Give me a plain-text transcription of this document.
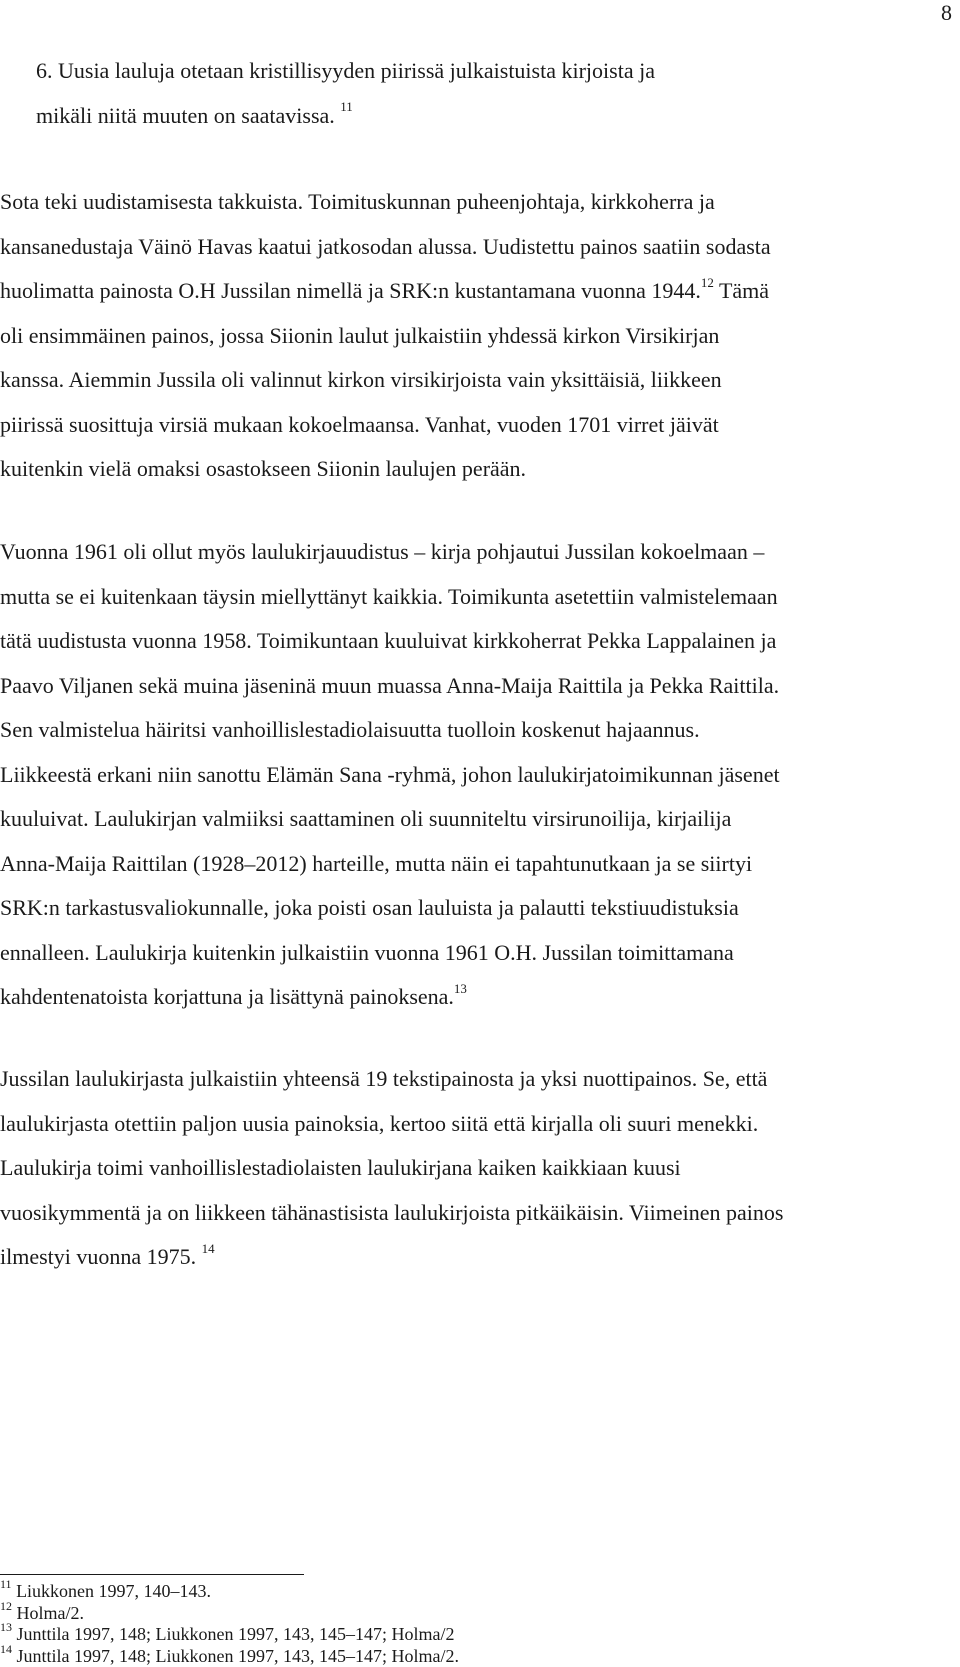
8
6. Uusia lauluja otetaan kristillisyyden piirissä julkaistuista kirjoista ja
mikäli niitä muuten on saatavissa. $^{11}$
Sota teki uudistamisesta takkuista. Toimituskunnan puheenjohtaja, kirkkoherra ja
kansanedustaja Väinö Havas kaatui jatkosodan alussa. Uudistettu painos saatiin sodasta
huolimatta painosta O.H Jussilan nimellä ja SRK:n kustantamana vuonna 1944.12 Tämä
oli ensimmäinen painos, jossa Siionin laulut julkaistiin yhdessä kirkon Virsikirjan
kanssa. Aiemmin Jussila oli valinnut kirkon virsikirjoista vain yksittäisiä, liikkeen
piirissä suosittuja virsiä mukaan kokoelmaansa. Vanhat, vuoden 1701 virret jäivät
kuitenkin vielä omaksi osastokseen Siionin laulujen perään.
Vuonna 1961 oli ollut myös laulukirjauudistus – kirja pohjautui Jussilan kokoelmaan –
mutta se ei kuitenkaan täysin miellyttänyt kaikkia. Toimikunta asetettiin valmistelemaan
tätä uudistusta vuonna 1958. Toimikuntaan kuuluivat kirkkoherrat Pekka Lappalainen ja
Paavo Viljanen sekä muina jäseninä muun muassa Anna-Maija Raittila ja Pekka Raittila.
Sen valmistelua häiritsi vanhoillislestadiolaisuutta tuolloin koskenut hajaannus.
Liikkeestä erkani niin sanottu Elämän Sana -ryhmä, johon laulukirjatoimikunnan jäsenet
kuuluivat. Laulukirjan valmiiksi saattaminen oli suunniteltu virsirunoilija, kirjailija
Anna-Maija Raittilan (1928–2012) harteille, mutta näin ei tapahtunutkaan ja se siirtyi
SRK:n tarkastusvaliokunnalle, joka poisti osan lauluista ja palautti tekstiuudistuksia
ennalleen. Laulukirja kuitenkin julkaistiin vuonna 1961 O.H. Jussilan toimittamana
kahdentenatoista korjattuna ja lisättynä painoksena.$^{13}$
Jussilan laulukirjasta julkaistiin yhteensä 19 tekstipainosta ja yksi nuottipainos. Se, että
laulukirjasta otettiin paljon uusia painoksia, kertoo siitä että kirjalla oli suuri menekki.
Laulukirja toimi vanhoillislestadiolaisten laulukirjana kaiken kaikkiaan kuusi
vuosikymmentä ja on liikkeen tähänastisista laulukirjoista pitkäikäisin. Viimeinen painos
ilmestyi vuonna 1975. $^{14}$
$^{11}$ Liukkonen 1997, 140–143.
$^{12}$ Holma/2.
$^{13}$ Junttila 1997, 148; Liukkonen 1997, 143, 145–147; Holma/2
$^{14}$ Junttila 1997, 148; Liukkonen 1997, 143, 145–147; Holma/2.
